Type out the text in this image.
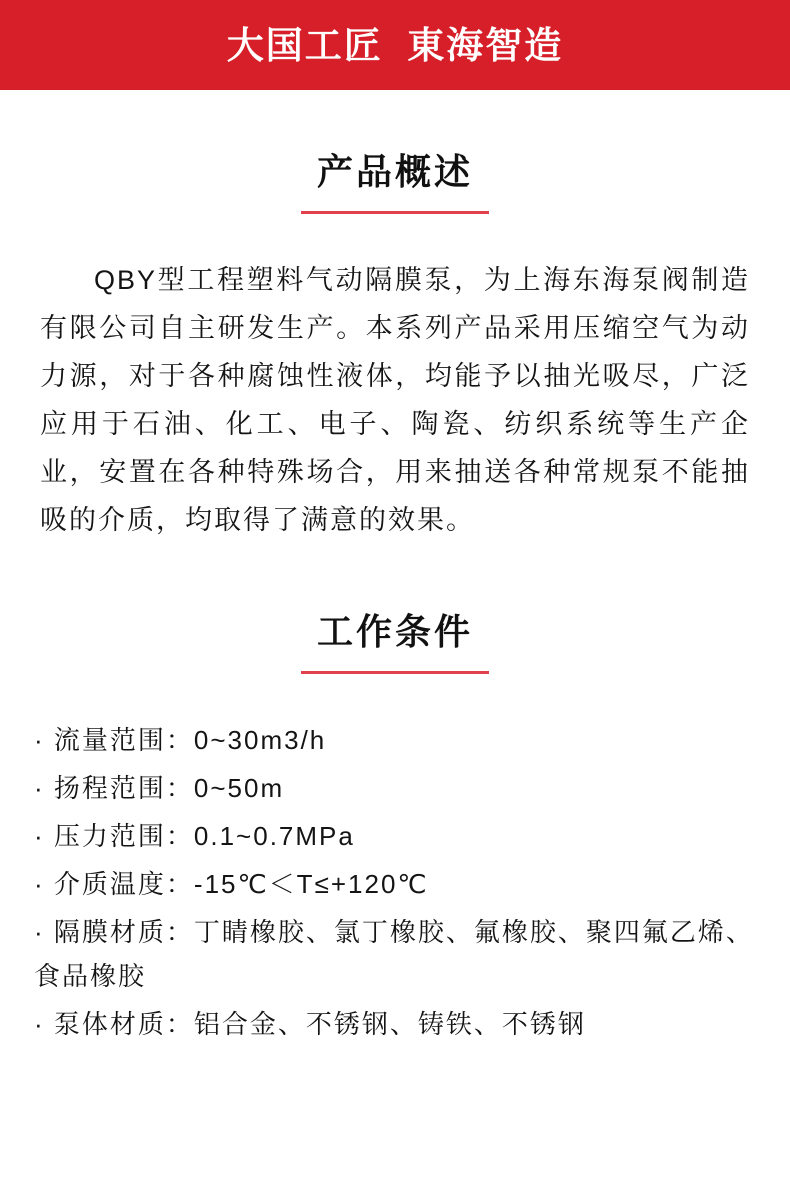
大国工匠  東海智造
产品概述
QBY型工程塑料气动隔膜泵，为上海东海泵阀制造有限公司自主研发生产。本系列产品采用压缩空气为动力源，对于各种腐蚀性液体，均能予以抽光吸尽，广泛应用于石油、化工、电子、陶瓷、纺织系统等生产企业，安置在各种特殊场合，用来抽送各种常规泵不能抽吸的介质，均取得了满意的效果。
工作条件
· 流量范围：0~30m3/h
· 扬程范围：0~50m
· 压力范围：0.1~0.7MPa
· 介质温度：-15℃＜T≤+120℃
· 隔膜材质：丁睛橡胶、氯丁橡胶、氟橡胶、聚四氟乙烯、食品橡胶
· 泵体材质：铝合金、不锈钢、铸铁、不锈钢
